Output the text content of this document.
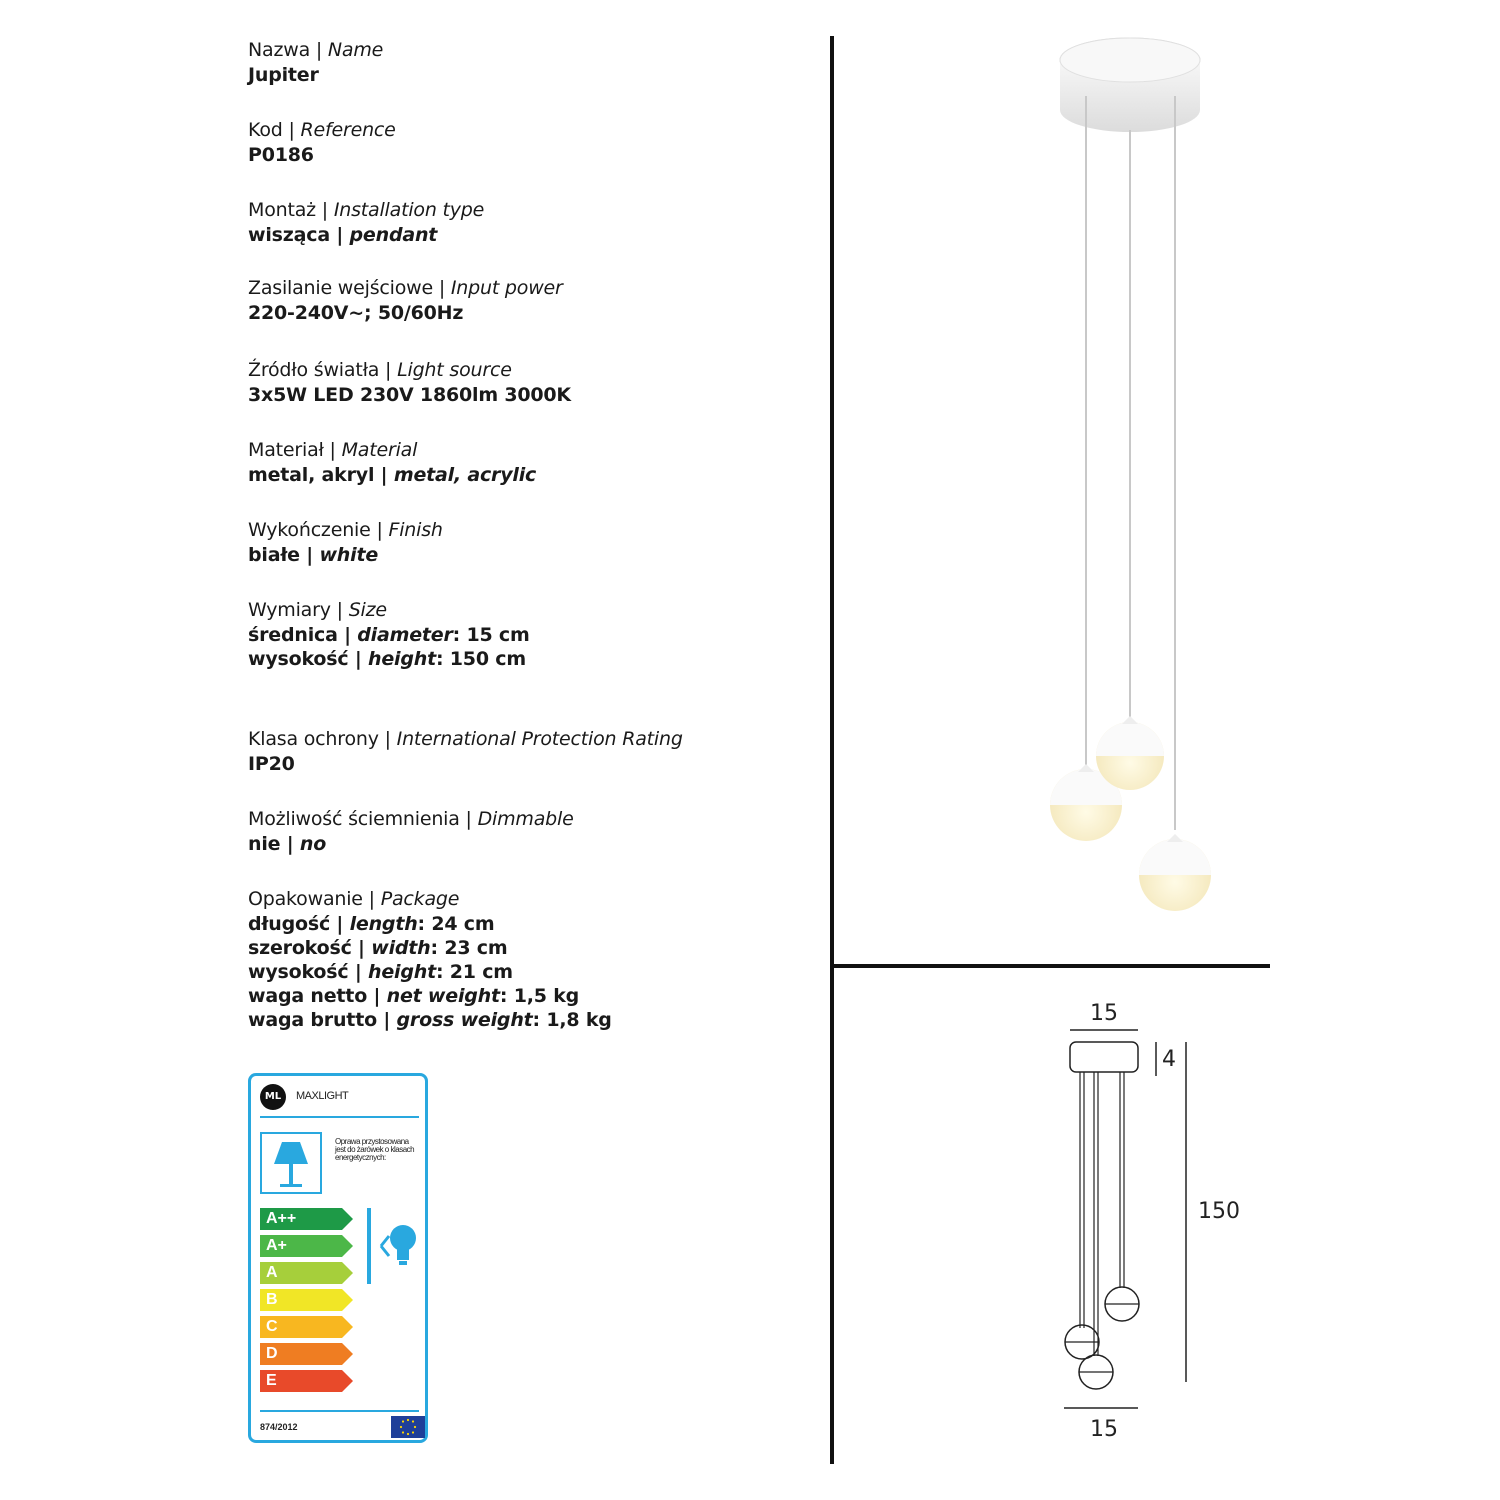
Nazwa | Name
Jupiter
Kod | Reference
P0186
Montaż | Installation type
wisząca | pendant
Zasilanie wejściowe | Input power
220-240V~; 50/60Hz
Źródło światła | Light source
3x5W LED 230V 1860lm 3000K
Materiał | Material
metal, akryl | metal, acrylic
Wykończenie | Finish
białe | white
Wymiary | Size
średnica | diameter: 15 cm
wysokość | height: 150 cm
Klasa ochrony | International Protection Rating
IP20
Możliwość ściemnienia | Dimmable
nie | no
Opakowanie | Package
długość | length: 24 cm
szerokość | width: 23 cm
wysokość | height: 21 cm
waga netto | net weight: 1,5 kg
waga brutto | gross weight: 1,8 kg	15
4
150
15
ML	MAXLIGHT
Oprawa przystosowana jest do żarówek o klasach energetycznych:
A++
A+
A
B
C
D
E
874/2012
